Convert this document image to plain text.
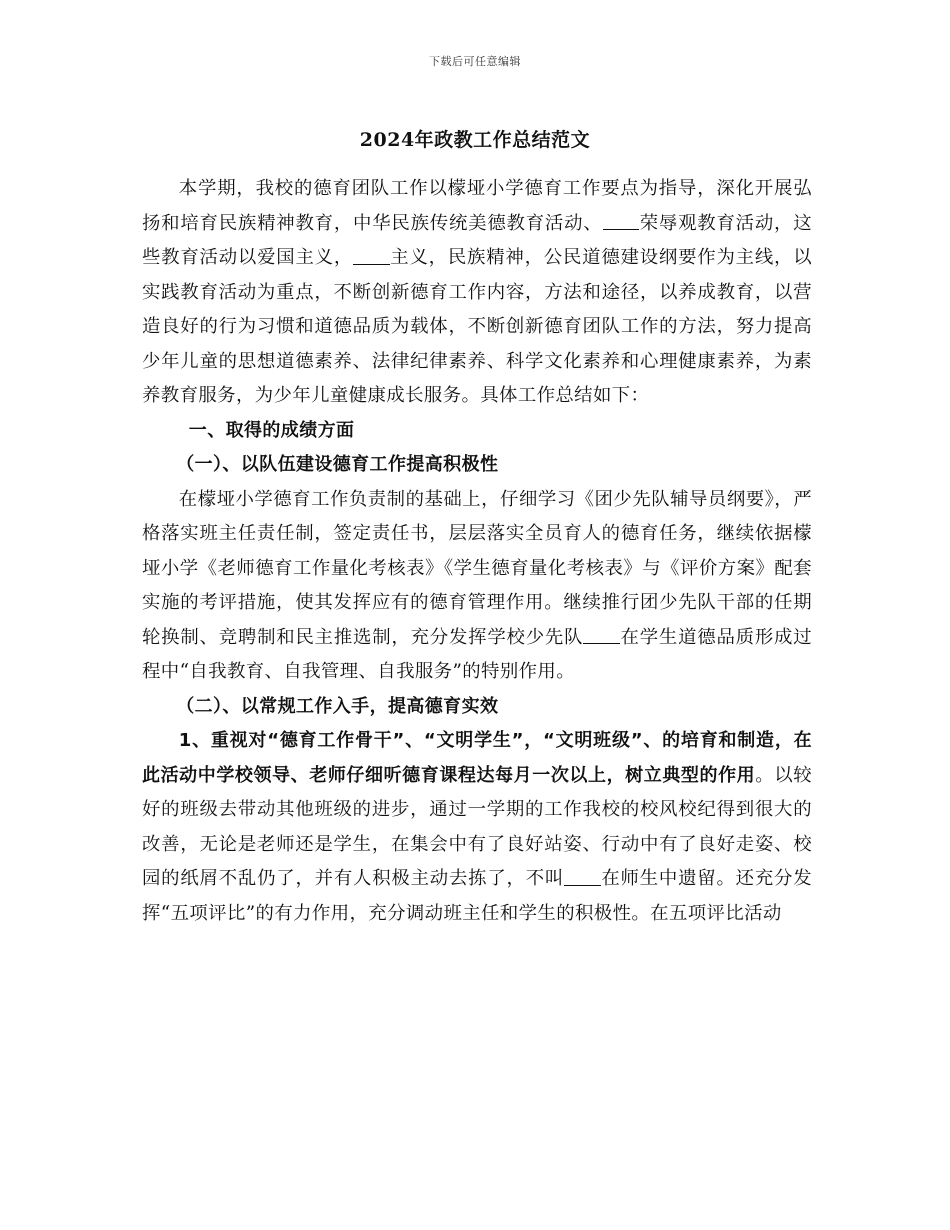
下载后可任意编辑
2024年政教工作总结范文

本学期，我校的德育团队工作以檬垭小学德育工作要点为指导，深化开展弘扬和培育民族精神教育，中华民族传统美德教育活动、 荣辱观教育活动，这些教育活动以爱国主义， 主义，民族精神，公民道德建设纲要作为主线，以实践教育活动为重点，不断创新德育工作内容，方法和途径，以养成教育，以营造良好的行为习惯和道德品质为载体，不断创新德育团队工作的方法，努力提高少年儿童的思想道德素养、法律纪律素养、科学文化素养和心理健康素养，为素养教育服务，为少年儿童健康成长服务。具体工作总结如下：

一、取得的成绩方面

（一）、以队伍建设德育工作提高积极性

在檬垭小学德育工作负责制的基础上，仔细学习《团少先队辅导员纲要》，严格落实班主任责任制，签定责任书，层层落实全员育人的德育任务，继续依据檬垭小学《老师德育工作量化考核表》《学生德育量化考核表》与《评价方案》配套实施的考评措施，使其发挥应有的德育管理作用。继续推行团少先队干部的任期轮换制、竞聘制和民主推选制，充分发挥学校少先队 在学生道德品质形成过程中“自我教育、自我管理、自我服务”的特别作用。

（二）、以常规工作入手，提高德育实效

1、重视对“德育工作骨干”、“文明学生”，“文明班级”、的培育和制造，在此活动中学校领导、老师仔细听德育课程达每月一次以上，树立典型的作用。以较好的班级去带动其他班级的进步，通过一学期的工作我校的校风校纪得到很大的改善，无论是老师还是学生，在集会中有了良好站姿、行动中有了良好走姿、校园的纸屑不乱仍了，并有人积极主动去拣了，不叫 在师生中遗留。还充分发挥“五项评比”的有力作用，充分调动班主任和学生的积极性。在五项评比活动
